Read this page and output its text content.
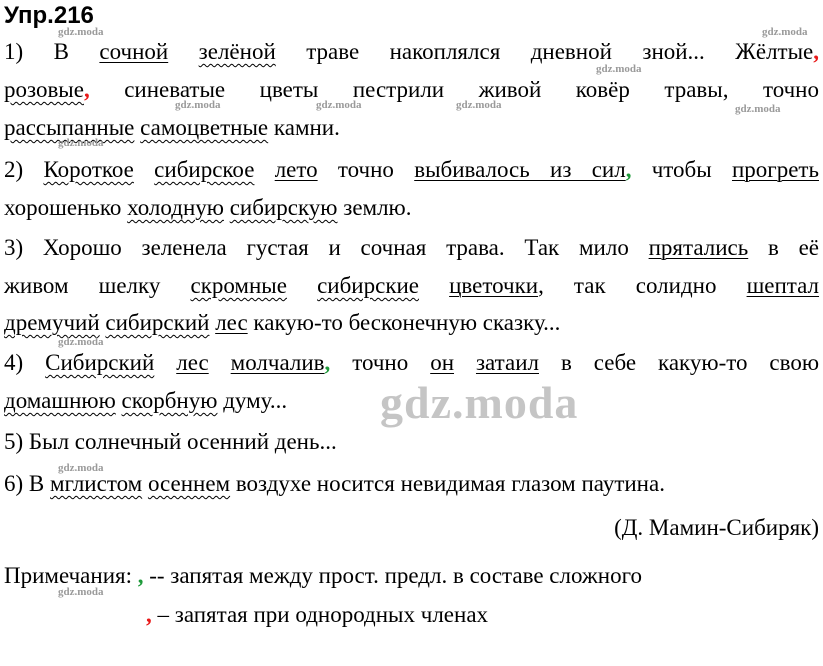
Упр.216
1) В сочной зелёной траве накоплялся дневной зной... Жёлтые,
розовые, синеватые цветы пестрили живой ковёр травы, точно
рассыпанные самоцветные камни.
2) Короткое сибирское лето точно выбивалось из сил, чтобы прогреть
хорошенько холодную сибирскую землю.
3) Хорошо зеленела густая и сочная трава. Так мило прятались в её
живом шелку скромные сибирские цветочки, так солидно шептал
дремучий сибирский лес какую-то бесконечную сказку...
4) Сибирский лес молчалив, точно он затаил в себе какую-то свою
домашнюю скорбную думу...
5) Был солнечный осенний день...
6) В мглистом осеннем воздухе носится невидимая глазом паутина.
(Д. Мамин-Сибиряк)
Примечания: , -- запятая между прост. предл. в составе сложного
, – запятая при однородных членах
gdz.moda	gdz.moda
gdz.moda
gdz.moda	gdz.moda	gdz.moda	gdz.moda
gdz.moda
gdz.moda
gdz.moda
gdz.moda
gdz.moda
